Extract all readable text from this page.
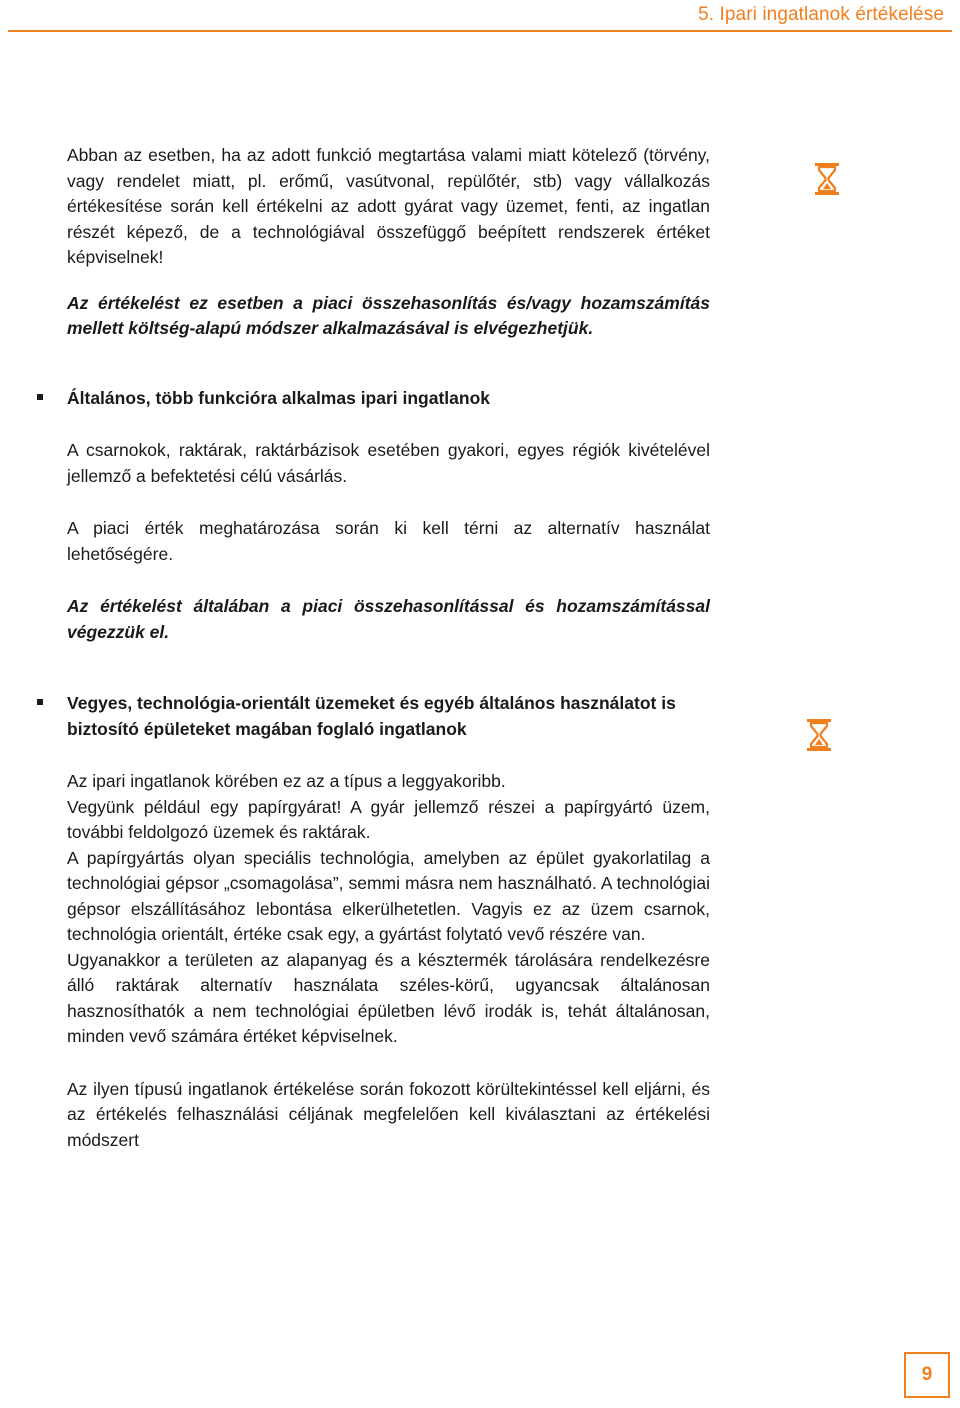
5. Ipari ingatlanok értékelése

Abban az esetben, ha az adott funkció megtartása valami miatt kötelező (törvény, vagy rendelet miatt, pl. erőmű, vasútvonal, repülőtér, stb) vagy vállalkozás értékesítése során kell értékelni az adott gyárat vagy üzemet, fenti, az ingatlan részét képező, de a technológiával összefüggő beépített rendszerek értéket képviselnek!

Az értékelést ez esetben a piaci összehasonlítás és/vagy hozamszámítás mellett költség-alapú módszer alkalmazásával is elvégezhetjük.

Általános, több funkcióra alkalmas ipari ingatlanok

A csarnokok, raktárak, raktárbázisok esetében gyakori, egyes régiók kivételével jellemző a befektetési célú vásárlás.

A piaci érték meghatározása során ki kell térni az alternatív használat lehetőségére.

Az értékelést általában a piaci összehasonlítással és hozamszámítással végezzük el.

Vegyes, technológia-orientált üzemeket és egyéb általános használatot is biztosító épületeket magában foglaló ingatlanok

Az ipari ingatlanok körében ez az a típus a leggyakoribb.

Vegyünk például egy papírgyárat! A gyár jellemző részei a papírgyártó üzem, további feldolgozó üzemek és raktárak.

A papírgyártás olyan speciális technológia, amelyben az épület gyakorlatilag a technológiai gépsor „csomagolása”, semmi másra nem használható. A technológiai gépsor elszállításához lebontása elkerülhetetlen. Vagyis ez az üzem csarnok, technológia orientált, értéke csak egy, a gyártást folytató vevő részére van.

Ugyanakkor a területen az alapanyag és a késztermék tárolására rendelkezésre álló raktárak alternatív használata széles-körű, ugyancsak általánosan hasznosíthatók a nem technológiai épületben lévő irodák is, tehát általánosan, minden vevő számára értéket képviselnek.

Az ilyen típusú ingatlanok értékelése során fokozott körültekintéssel kell eljárni, és az értékelés felhasználási céljának megfelelően kell kiválasztani az értékelési módszert

9
